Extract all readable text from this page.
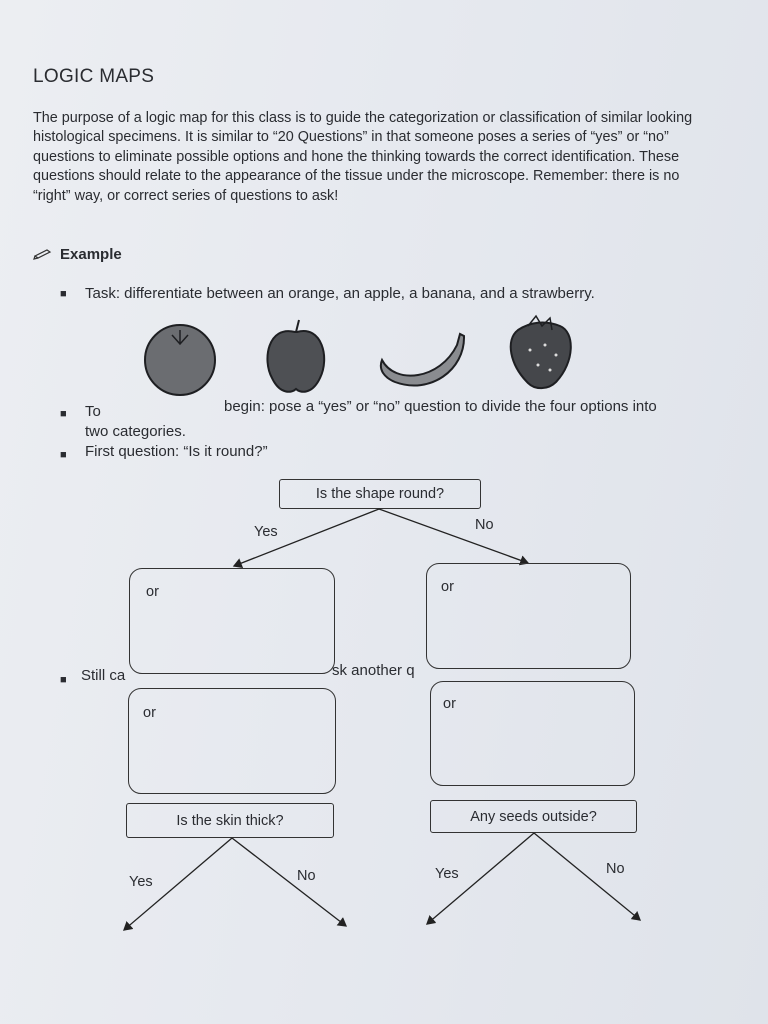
LOGIC MAPS
The purpose of a logic map for this class is to guide the categorization or classification of similar looking histological specimens. It is similar to “20 Questions” in that someone poses a series of “yes” or “no” questions to eliminate possible options and hone the thinking towards the correct identification. These questions should relate to the appearance of the tissue under the microscope. Remember: there is no “right” way, or correct series of questions to ask!
Example
■ Task: differentiate between an orange, an apple, a banana, and a strawberry.
■ To	begin: pose a “yes” or “no” question to divide the four options into
two categories.
■ First question: “Is it round?”
Is the shape round?
Yes	No
or	or
■ Still ca	sk another q
or
or
Is the skin thick?	Any seeds outside?
Yes	No	Yes	No
